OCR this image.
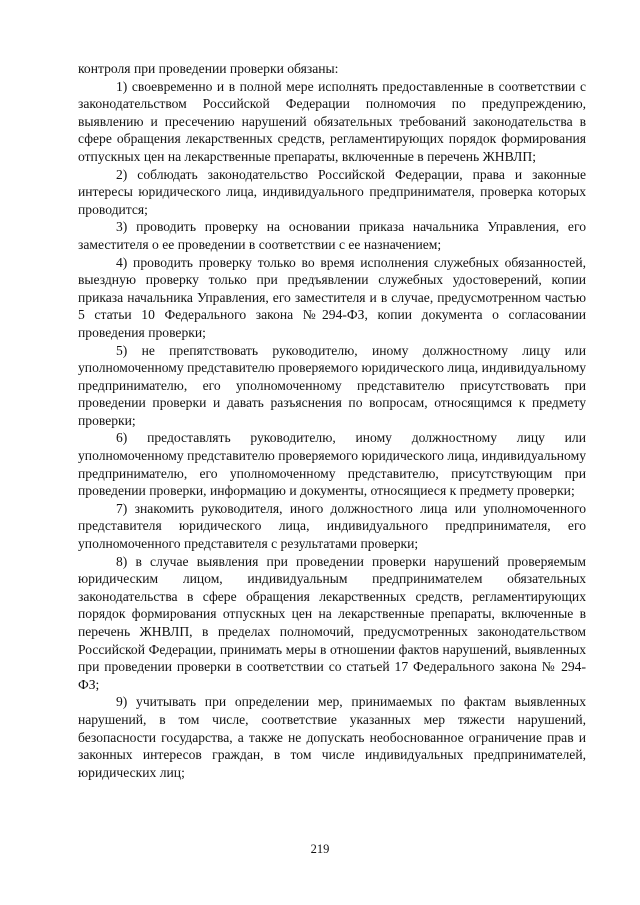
контроля при проведении проверки обязаны:

1) своевременно и в полной мере исполнять предоставленные в соответствии с законодательством Российской Федерации полномочия по предупреждению, выявлению и пресечению нарушений обязательных требований законодательства в сфере обращения лекарственных средств, регламентирующих порядок формирования отпускных цен на лекарственные препараты, включенные в перечень ЖНВЛП;

2) соблюдать законодательство Российской Федерации, права и законные интересы юридического лица, индивидуального предпринимателя, проверка которых проводится;

3) проводить проверку на основании приказа начальника Управления, его заместителя о ее проведении в соответствии с ее назначением;

4) проводить проверку только во время исполнения служебных обязанностей, выездную проверку только при предъявлении служебных удостоверений, копии приказа начальника Управления, его заместителя и в случае, предусмотренном частью 5 статьи 10 Федерального закона №294-ФЗ, копии документа о согласовании проведения проверки;

5) не препятствовать руководителю, иному должностному лицу или уполномоченному представителю проверяемого юридического лица, индивидуальному предпринимателю, его уполномоченному представителю присутствовать при проведении проверки и давать разъяснения по вопросам, относящимся к предмету проверки;

6) предоставлять руководителю, иному должностному лицу или уполномоченному представителю проверяемого юридического лица, индивидуальному предпринимателю, его уполномоченному представителю, присутствующим при проведении проверки, информацию и документы, относящиеся к предмету проверки;

7) знакомить руководителя, иного должностного лица или уполномоченного представителя юридического лица, индивидуального предпринимателя, его уполномоченного представителя с результатами проверки;

8) в случае выявления при проведении проверки нарушений проверяемым юридическим лицом, индивидуальным предпринимателем обязательных законодательства в сфере обращения лекарственных средств, регламентирующих порядок формирования отпускных цен на лекарственные препараты, включенные в перечень ЖНВЛП, в пределах полномочий, предусмотренных законодательством Российской Федерации, принимать меры в отношении фактов нарушений, выявленных при проведении проверки в соответствии со статьей 17 Федерального закона № 294-ФЗ;

9) учитывать при определении мер, принимаемых по фактам выявленных нарушений, в том числе, соответствие указанных мер тяжести нарушений, безопасности государства, а также не допускать необоснованное ограничение прав и законных интересов граждан, в том числе индивидуальных предпринимателей, юридических лиц;

219
